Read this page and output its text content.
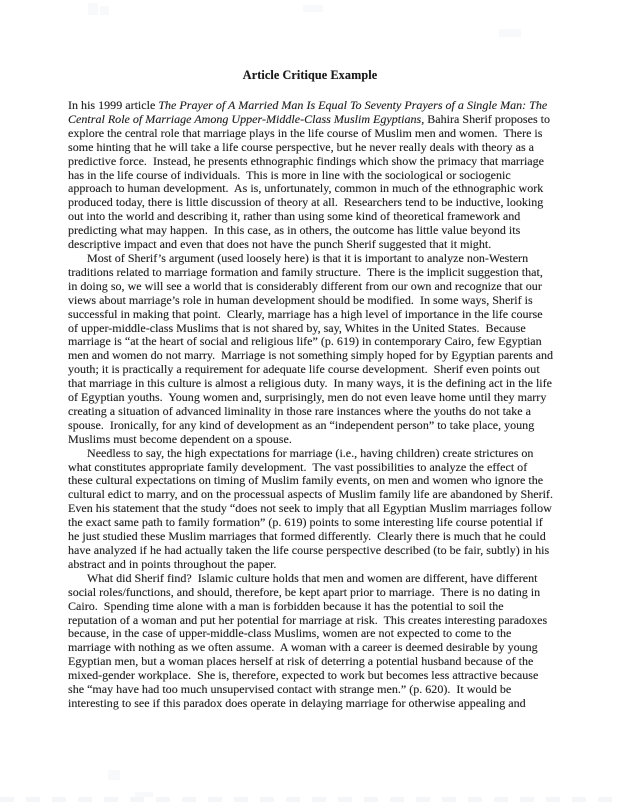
Article Critique Example

In his 1999 article The Prayer of A Married Man Is Equal To Seventy Prayers of a Single Man: The Central Role of Marriage Among Upper-Middle-Class Muslim Egyptians, Bahira Sherif proposes to explore the central role that marriage plays in the life course of Muslim men and women.  There is some hinting that he will take a life course perspective, but he never really deals with theory as a predictive force.  Instead, he presents ethnographic findings which show the primacy that marriage has in the life course of individuals.  This is more in line with the sociological or sociogenic approach to human development.  As is, unfortunately, common in much of the ethnographic work produced today, there is little discussion of theory at all.  Researchers tend to be inductive, looking out into the world and describing it, rather than using some kind of theoretical framework and predicting what may happen.  In this case, as in others, the outcome has little value beyond its descriptive impact and even that does not have the punch Sherif suggested that it might.

Most of Sherif’s argument (used loosely here) is that it is important to analyze non-Western traditions related to marriage formation and family structure.  There is the implicit suggestion that, in doing so, we will see a world that is considerably different from our own and recognize that our views about marriage’s role in human development should be modified.  In some ways, Sherif is successful in making that point.  Clearly, marriage has a high level of importance in the life course of upper-middle-class Muslims that is not shared by, say, Whites in the United States.  Because marriage is “at the heart of social and religious life” (p. 619) in contemporary Cairo, few Egyptian men and women do not marry.  Marriage is not something simply hoped for by Egyptian parents and youth; it is practically a requirement for adequate life course development.  Sherif even points out that marriage in this culture is almost a religious duty.  In many ways, it is the defining act in the life of Egyptian youths.  Young women and, surprisingly, men do not even leave home until they marry creating a situation of advanced liminality in those rare instances where the youths do not take a spouse.  Ironically, for any kind of development as an “independent person” to take place, young Muslims must become dependent on a spouse.

Needless to say, the high expectations for marriage (i.e., having children) create strictures on what constitutes appropriate family development.  The vast possibilities to analyze the effect of these cultural expectations on timing of Muslim family events, on men and women who ignore the cultural edict to marry, and on the processual aspects of Muslim family life are abandoned by Sherif.  Even his statement that the study “does not seek to imply that all Egyptian Muslim marriages follow the exact same path to family formation” (p. 619) points to some interesting life course potential if he just studied these Muslim marriages that formed differently.  Clearly there is much that he could have analyzed if he had actually taken the life course perspective described (to be fair, subtly) in his abstract and in points throughout the paper.

What did Sherif find?  Islamic culture holds that men and women are different, have different social roles/functions, and should, therefore, be kept apart prior to marriage.  There is no dating in Cairo.  Spending time alone with a man is forbidden because it has the potential to soil the reputation of a woman and put her potential for marriage at risk.  This creates interesting paradoxes because, in the case of upper-middle-class Muslims, women are not expected to come to the marriage with nothing as we often assume.  A woman with a career is deemed desirable by young Egyptian men, but a woman places herself at risk of deterring a potential husband because of the mixed-gender workplace.  She is, therefore, expected to work but becomes less attractive because she “may have had too much unsupervised contact with strange men.” (p. 620).  It would be interesting to see if this paradox does operate in delaying marriage for otherwise appealing and
